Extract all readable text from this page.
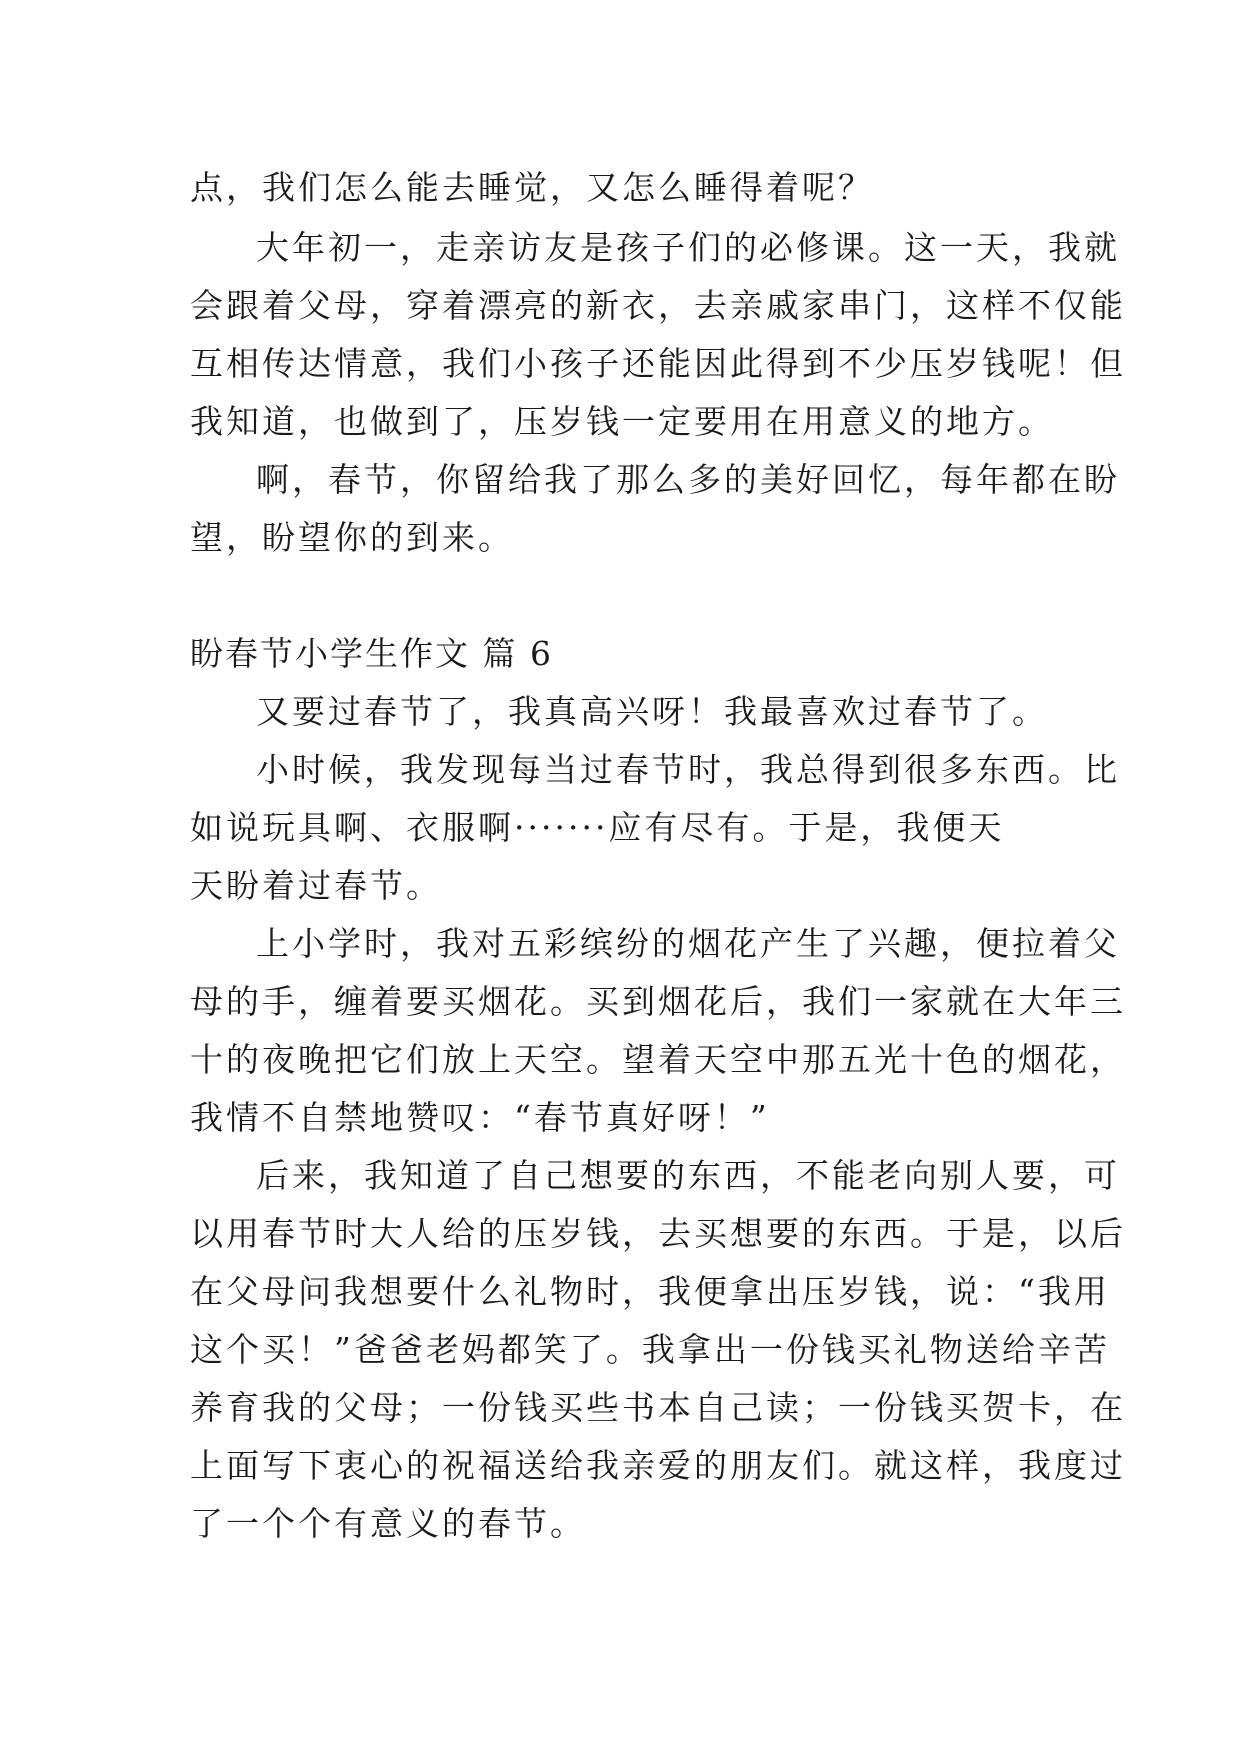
点，我们怎么能去睡觉，又怎么睡得着呢？
大年初一，走亲访友是孩子们的必修课。这一天，我就
会跟着父母，穿着漂亮的新衣，去亲戚家串门，这样不仅能
互相传达情意，我们小孩子还能因此得到不少压岁钱呢！但
我知道，也做到了，压岁钱一定要用在用意义的地方。
啊，春节，你留给我了那么多的美好回忆，每年都在盼
望，盼望你的到来。
盼春节小学生作文 篇 6
又要过春节了，我真高兴呀！我最喜欢过春节了。
小时候，我发现每当过春节时，我总得到很多东西。比
如说玩具啊、衣服啊·······应有尽有。于是，我便天
天盼着过春节。
上小学时，我对五彩缤纷的烟花产生了兴趣，便拉着父
母的手，缠着要买烟花。买到烟花后，我们一家就在大年三
十的夜晚把它们放上天空。望着天空中那五光十色的烟花，
我情不自禁地赞叹：“春节真好呀！”
后来，我知道了自己想要的东西，不能老向别人要，可
以用春节时大人给的压岁钱，去买想要的东西。于是，以后
在父母问我想要什么礼物时，我便拿出压岁钱，说：“我用
这个买！”爸爸老妈都笑了。我拿出一份钱买礼物送给辛苦
养育我的父母；一份钱买些书本自己读；一份钱买贺卡，在
上面写下衷心的祝福送给我亲爱的朋友们。就这样，我度过
了一个个有意义的春节。
